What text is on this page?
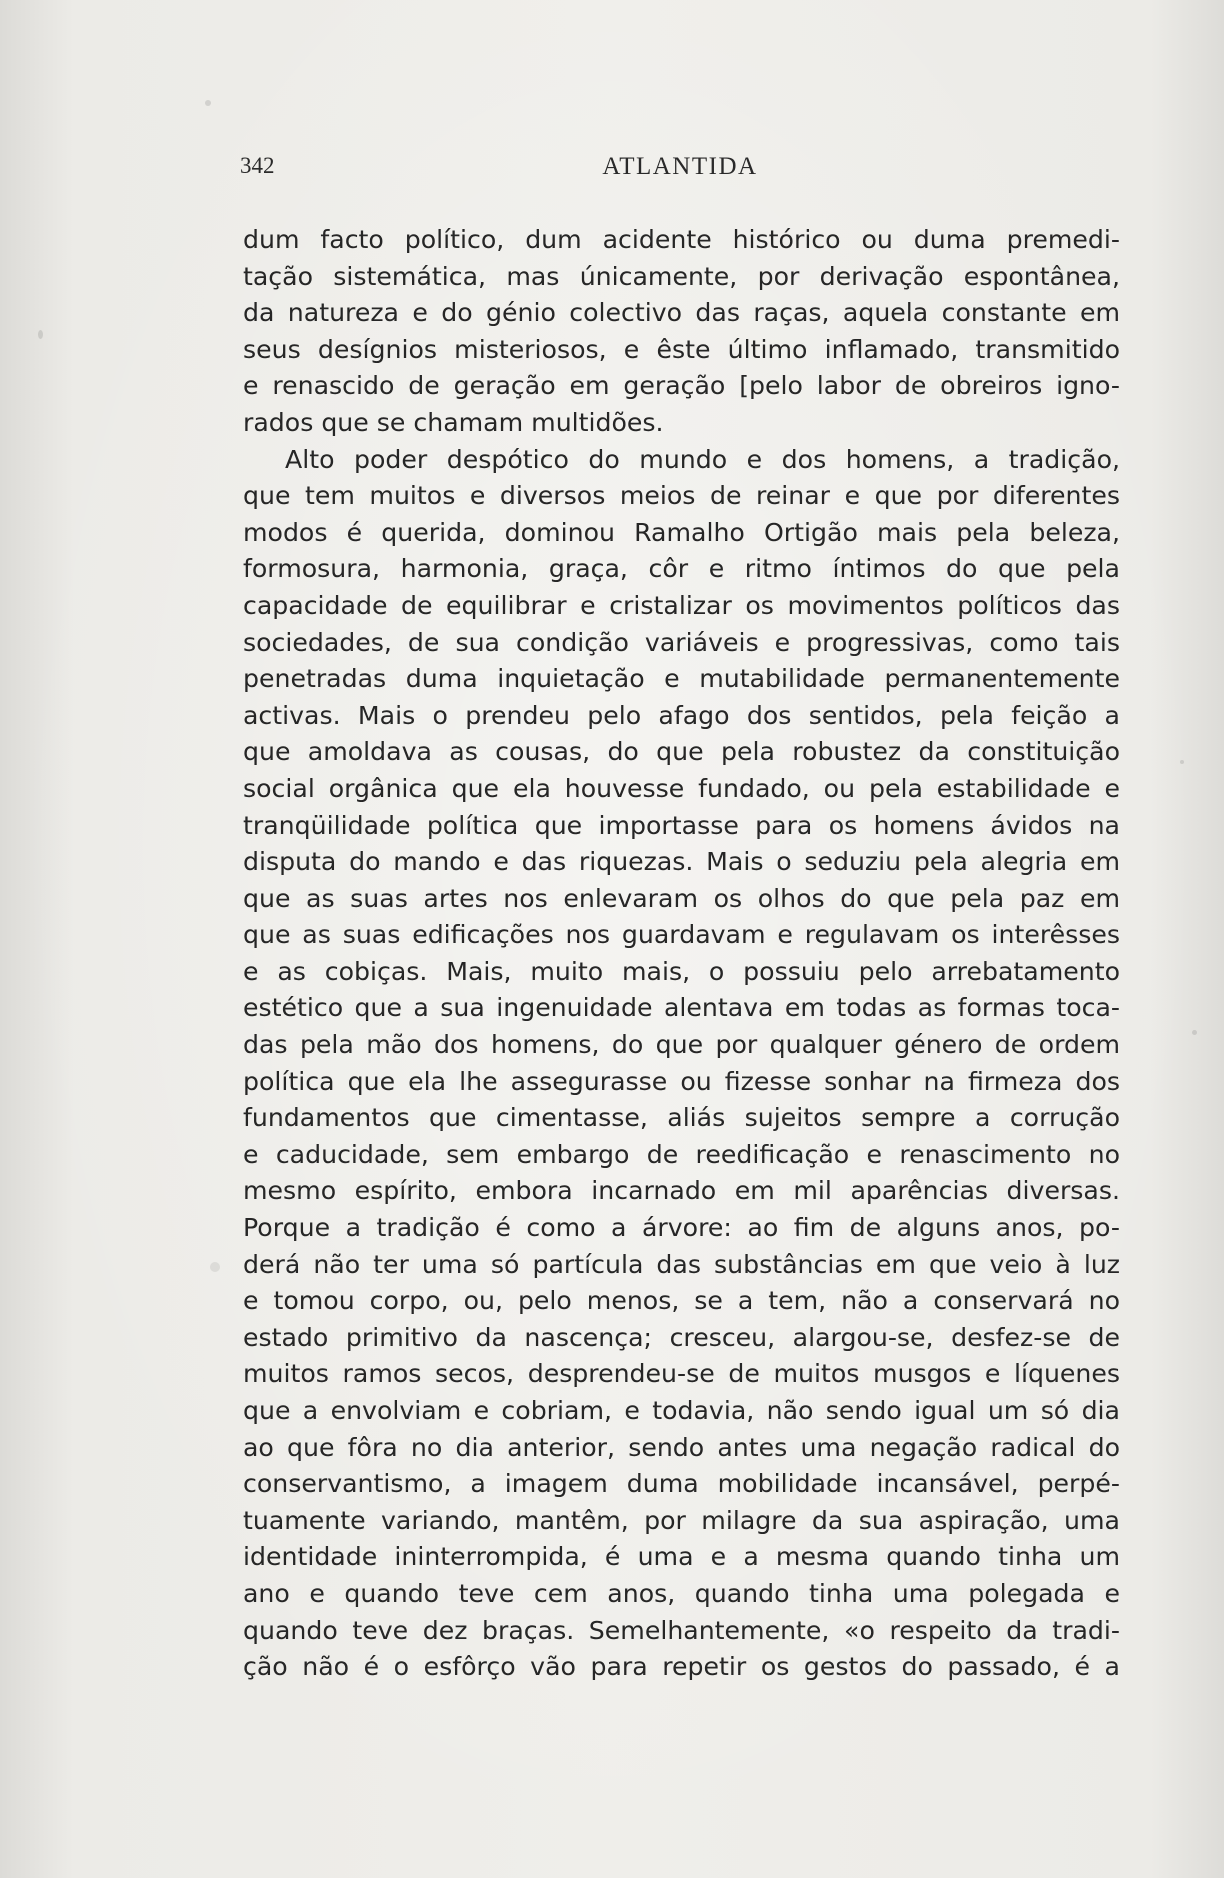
342	ATLANTIDA
dum facto político, dum acidente histórico ou duma premedi-
tação sistemática, mas únicamente, por derivação espontânea,
da natureza e do génio colectivo das raças, aquela constante em
seus desígnios misteriosos, e êste último inflamado, transmitido
e renascido de geração em geração [pelo labor de obreiros igno-
rados que se chamam multidões.
Alto poder despótico do mundo e dos homens, a tradição,
que tem muitos e diversos meios de reinar e que por diferentes
modos é querida, dominou Ramalho Ortigão mais pela beleza,
formosura, harmonia, graça, côr e ritmo íntimos do que pela
capacidade de equilibrar e cristalizar os movimentos políticos das
sociedades, de sua condição variáveis e progressivas, como tais
penetradas duma inquietação e mutabilidade permanentemente
activas. Mais o prendeu pelo afago dos sentidos, pela feição a
que amoldava as cousas, do que pela robustez da constituição
social orgânica que ela houvesse fundado, ou pela estabilidade e
tranqüilidade política que importasse para os homens ávidos na
disputa do mando e das riquezas. Mais o seduziu pela alegria em
que as suas artes nos enlevaram os olhos do que pela paz em
que as suas edificações nos guardavam e regulavam os interêsses
e as cobiças. Mais, muito mais, o possuiu pelo arrebatamento
estético que a sua ingenuidade alentava em todas as formas toca-
das pela mão dos homens, do que por qualquer género de ordem
política que ela lhe assegurasse ou fizesse sonhar na firmeza dos
fundamentos que cimentasse, aliás sujeitos sempre a corrução
e caducidade, sem embargo de reedificação e renascimento no
mesmo espírito, embora incarnado em mil aparências diversas.
Porque a tradição é como a árvore: ao fim de alguns anos, po-
derá não ter uma só partícula das substâncias em que veio à luz
e tomou corpo, ou, pelo menos, se a tem, não a conservará no
estado primitivo da nascença; cresceu, alargou-se, desfez-se de
muitos ramos secos, desprendeu-se de muitos musgos e líquenes
que a envolviam e cobriam, e todavia, não sendo igual um só dia
ao que fôra no dia anterior, sendo antes uma negação radical do
conservantismo, a imagem duma mobilidade incansável, perpé-
tuamente variando, mantêm, por milagre da sua aspiração, uma
identidade ininterrompida, é uma e a mesma quando tinha um
ano e quando teve cem anos, quando tinha uma polegada e
quando teve dez braças. Semelhantemente, «o respeito da tradi-
ção não é o esfôrço vão para repetir os gestos do passado, é a
